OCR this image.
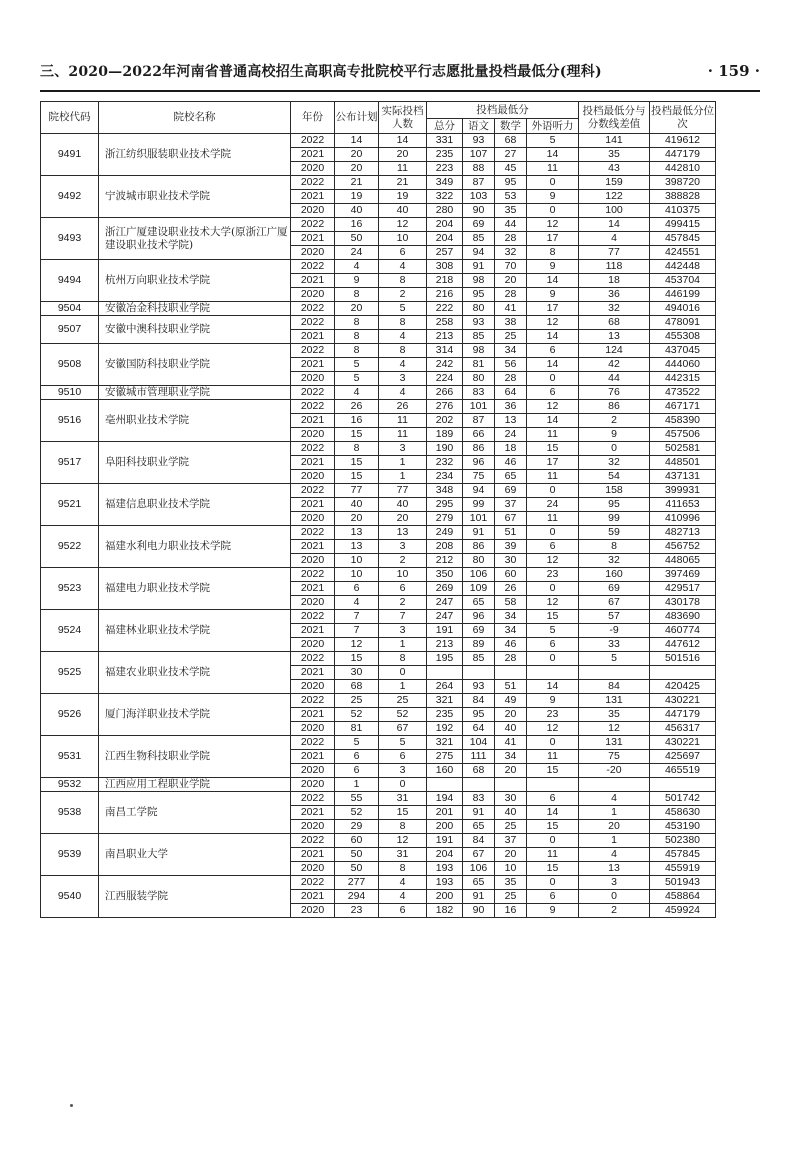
三、2020—2022年河南省普通高校招生高职高专批院校平行志愿批量投档最低分(理科)	· 159 ·
院校代码	院校名称	年份	公布计划	实际投档人数	投档最低分				投档最低分与分数线差值	投档最低分位次
					总分	语文	数学	外语听力		
9491	浙江纺织服装职业技术学院	2022	14	14	331	93	68	5	141	419612
		2021	20	20	235	107	27	14	35	447179
		2020	20	11	223	88	45	11	43	442810
9492	宁波城市职业技术学院	2022	21	21	349	87	95	0	159	398720
		2021	19	19	322	103	53	9	122	388828
		2020	40	40	280	90	35	0	100	410375
9493	浙江广厦建设职业技术大学(原浙江广厦建设职业技术学院)	2022	16	12	204	69	44	12	14	499415
		2021	50	10	204	85	28	17	4	457845
		2020	24	6	257	94	32	8	77	424551
9494	杭州万向职业技术学院	2022	4	4	308	91	70	9	118	442448
		2021	9	8	218	98	20	14	18	453704
		2020	8	2	216	95	28	9	36	446199
9504	安徽冶金科技职业学院	2022	20	5	222	80	41	17	32	494016
9507	安徽中澳科技职业学院	2022	8	8	258	93	38	12	68	478091
		2021	8	4	213	85	25	14	13	455308
9508	安徽国防科技职业学院	2022	8	8	314	98	34	6	124	437045
		2021	5	4	242	81	56	14	42	444060
		2020	5	3	224	80	28	0	44	442315
9510	安徽城市管理职业学院	2022	4	4	266	83	64	6	76	473522
9516	亳州职业技术学院	2022	26	26	276	101	36	12	86	467171
		2021	16	11	202	87	13	14	2	458390
		2020	15	11	189	66	24	11	9	457506
9517	阜阳科技职业学院	2022	8	3	190	86	18	15	0	502581
		2021	15	1	232	96	46	17	32	448501
		2020	15	1	234	75	65	11	54	437131
9521	福建信息职业技术学院	2022	77	77	348	94	69	0	158	399931
		2021	40	40	295	99	37	24	95	411653
		2020	20	20	279	101	67	11	99	410996
9522	福建水利电力职业技术学院	2022	13	13	249	91	51	0	59	482713
		2021	13	3	208	86	39	6	8	456752
		2020	10	2	212	80	30	12	32	448065
9523	福建电力职业技术学院	2022	10	10	350	106	60	23	160	397469
		2021	6	6	269	109	26	0	69	429517
		2020	4	2	247	65	58	12	67	430178
9524	福建林业职业技术学院	2022	7	7	247	96	34	15	57	483690
		2021	7	3	191	69	34	5	-9	460774
		2020	12	1	213	89	46	6	33	447612
9525	福建农业职业技术学院	2022	15	8	195	85	28	0	5	501516
		2021	30	0						
		2020	68	1	264	93	51	14	84	420425
9526	厦门海洋职业技术学院	2022	25	25	321	84	49	9	131	430221
		2021	52	52	235	95	20	23	35	447179
		2020	81	67	192	64	40	12	12	456317
9531	江西生物科技职业学院	2022	5	5	321	104	41	0	131	430221
		2021	6	6	275	111	34	11	75	425697
		2020	6	3	160	68	20	15	-20	465519
9532	江西应用工程职业学院	2020	1	0						
9538	南昌工学院	2022	55	31	194	83	30	6	4	501742
		2021	52	15	201	91	40	14	1	458630
		2020	29	8	200	65	25	15	20	453190
9539	南昌职业大学	2022	60	12	191	84	37	0	1	502380
		2021	50	31	204	67	20	11	4	457845
		2020	50	8	193	106	10	15	13	455919
9540	江西服装学院	2022	277	4	193	65	35	0	3	501943
		2021	294	4	200	91	25	6	0	458864
		2020	23	6	182	90	16	9	2	459924
